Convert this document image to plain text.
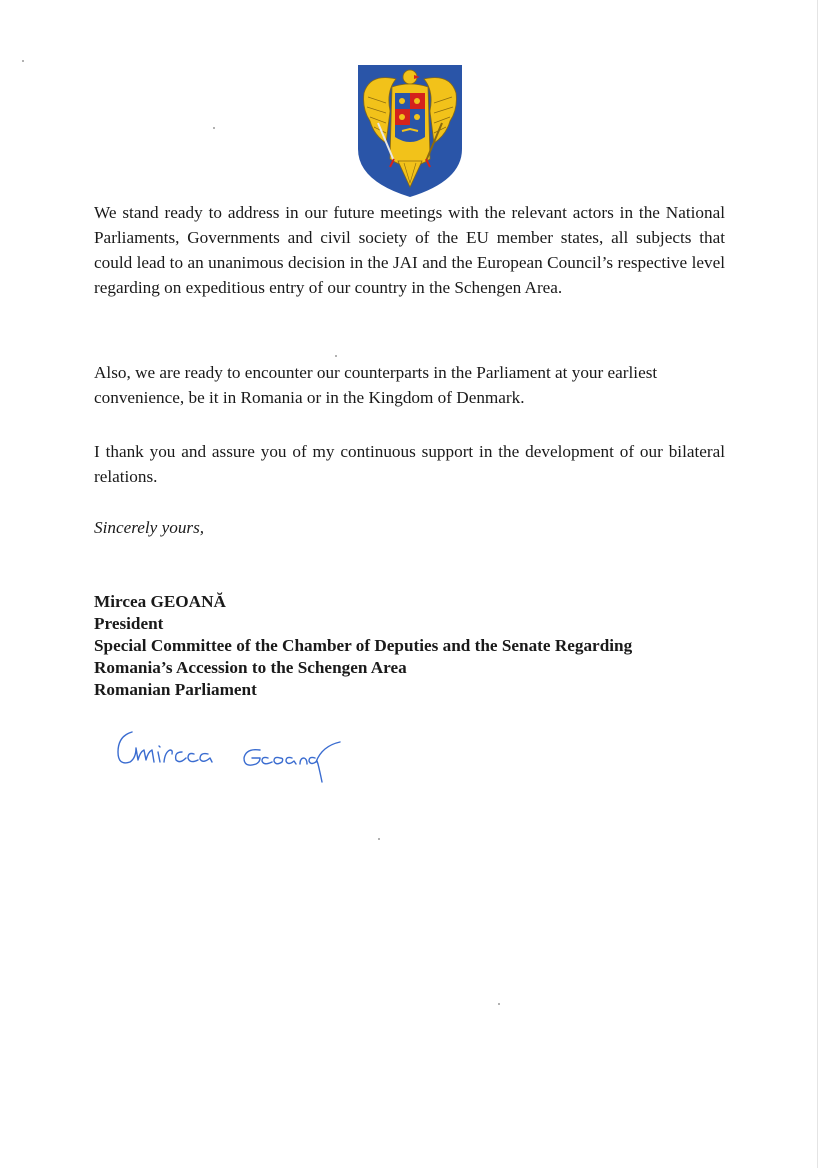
We stand ready to address in our future meetings with the relevant actors in the National Parliaments, Governments and civil society of the EU member states, all subjects that could lead to an unanimous decision in the JAI and the European Council’s respective level regarding on expeditious entry of our country in the Schengen Area.

Also, we are ready to encounter our counterparts in the Parliament at your earliest convenience, be it in Romania or in the Kingdom of Denmark.

I thank you and assure you of my continuous support in the development of our bilateral relations.

Sincerely yours,

Mircea GEOANĂ
President
Special Committee of the Chamber of Deputies and the Senate Regarding
Romania’s Accession to the Schengen Area
Romanian Parliament
